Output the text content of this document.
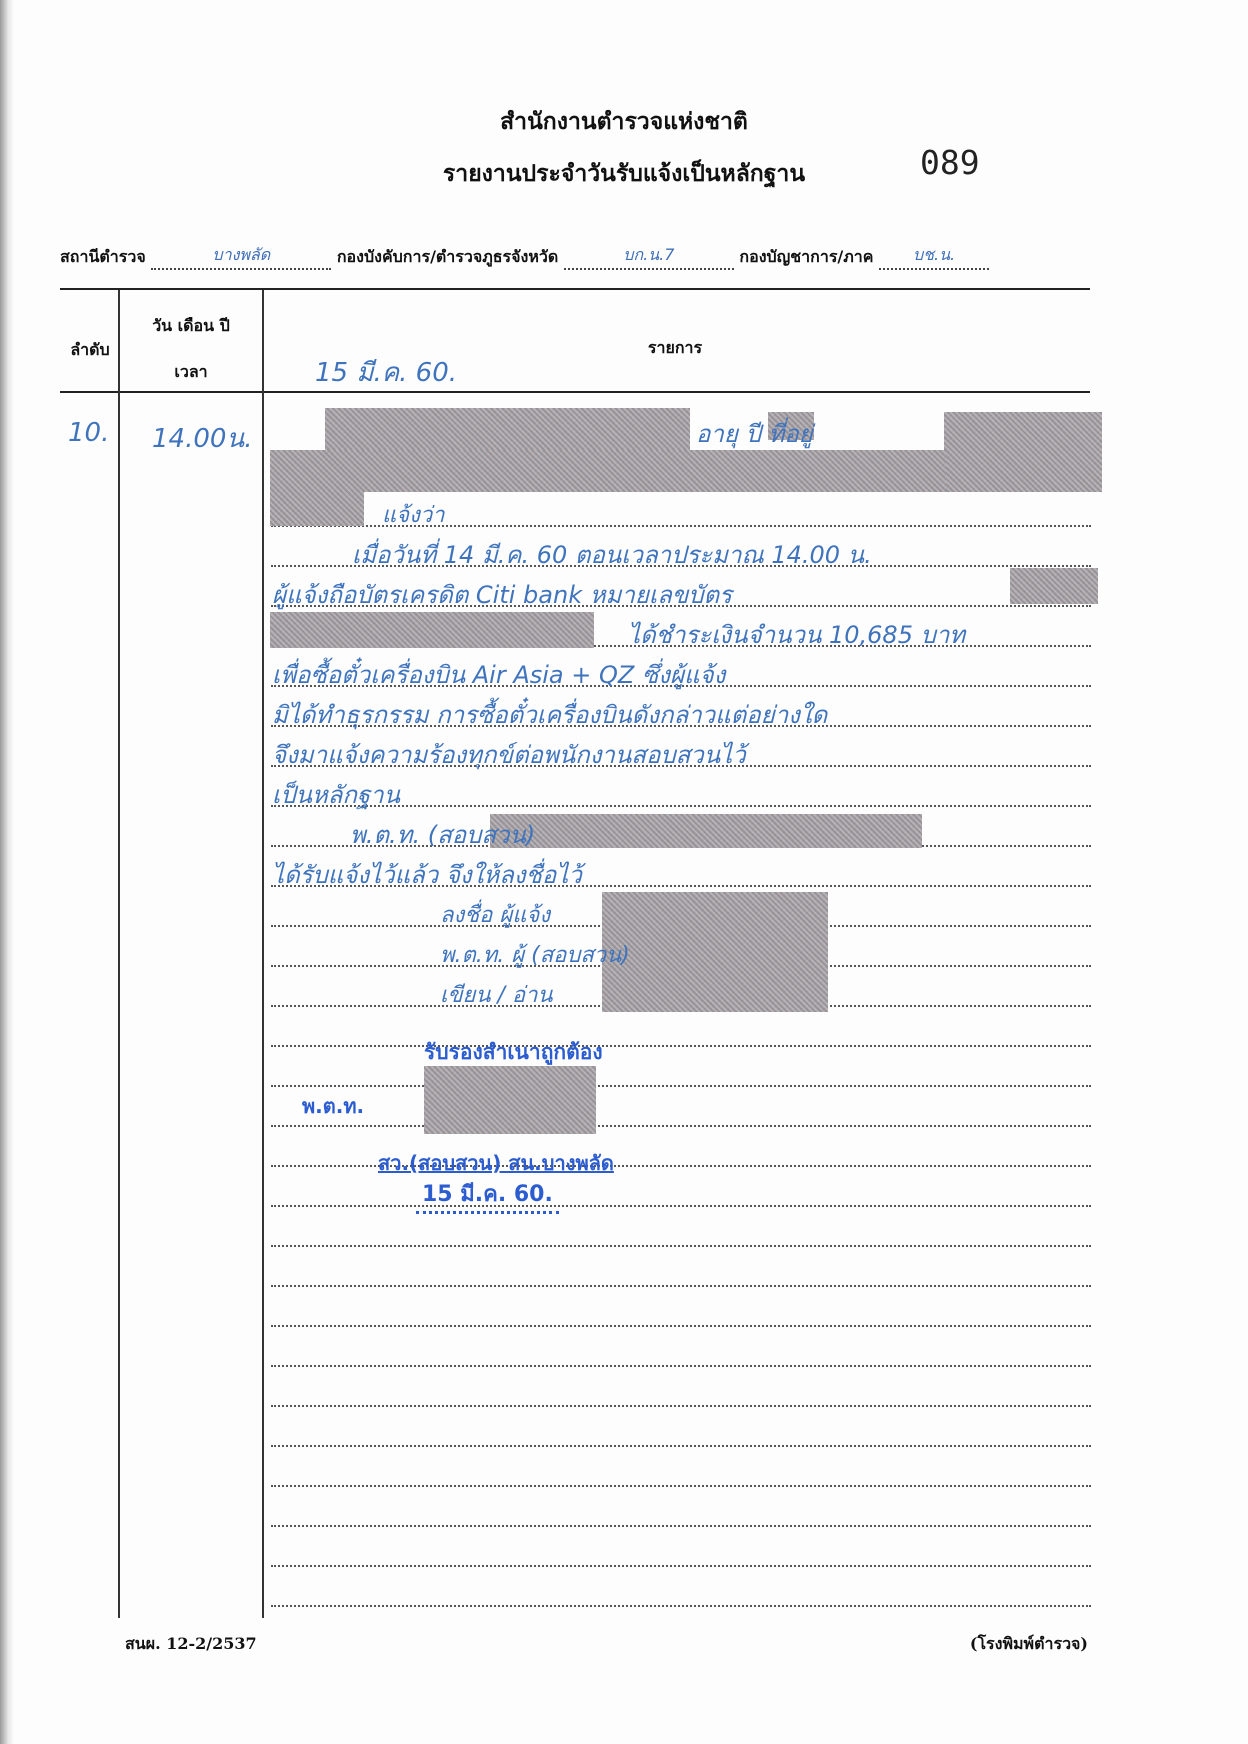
สำนักงานตำรวจแห่งชาติ
รายงานประจำวันรับแจ้งเป็นหลักฐาน	089
สถานีตำรวจ	บางพลัด	กองบังคับการ/ตำรวจภูธรจังหวัด	บก.น.7	กองบัญชาการ/ภาค บช.น.
ลำดับ
วัน เดือน ปี
เวลา
รายการ
15 มี.ค. 60.
10. 14.00น.	อายุ ปี ที่อยู่
แจ้งว่า
เมื่อวันที่ 14 มี.ค. 60 ตอนเวลาประมาณ 14.00 น.
ผู้แจ้งถือบัตรเครดิต Citi bank หมายเลขบัตร
ได้ชำระเงินจำนวน 10,685 บาท
เพื่อซื้อตั๋วเครื่องบิน Air Asia + QZ ซึ่งผู้แจ้ง
มิได้ทำธุรกรรม การซื้อตั๋วเครื่องบินดังกล่าวแต่อย่างใด
จึงมาแจ้งความร้องทุกข์ต่อพนักงานสอบสวนไว้
เป็นหลักฐาน
พ.ต.ท. (สอบสวน)
ได้รับแจ้งไว้แล้ว จึงให้ลงชื่อไว้
ลงชื่อ ผู้แจ้ง
พ.ต.ท. ผู้ (สอบสวน)
เขียน / อ่าน
รับรองสำเนาถูกต้อง
พ.ต.ท.
สว.(สอบสวน) สน.บางพลัด
15 มี.ค. 60.
สนผ. 12-2/2537	(โรงพิมพ์ตำรวจ)
